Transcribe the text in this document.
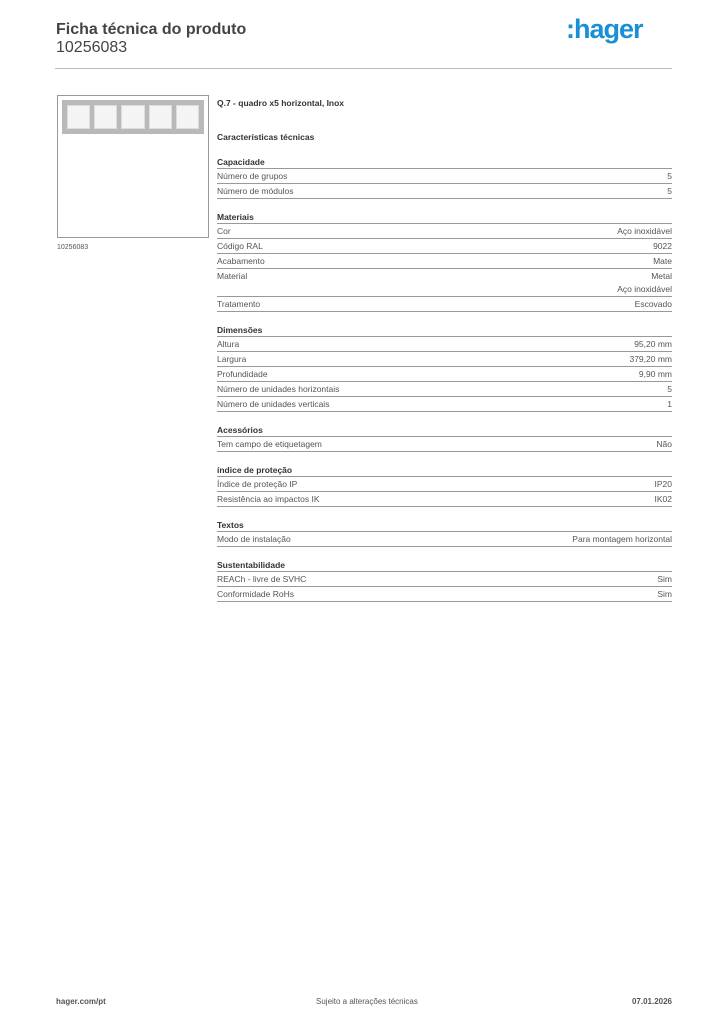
Ficha técnica do produto
10256083
:hager
10256083
Q.7 - quadro x5 horizontal, Inox
Características técnicas
Capacidade
Número de grupos	5
Número de módulos	5
Materiais
Cor	Aço inoxidável
Código RAL	9022
Acabamento	Mate
Material	Metal
Aço inoxidável
Tratamento	Escovado
Dimensões
Altura	95,20 mm
Largura	379,20 mm
Profundidade	9,90 mm
Número de unidades horizontais	5
Número de unidades verticais	1
Acessórios
Tem campo de etiquetagem	Não
índice de proteção
Índice de proteção IP	IP20
Resistência ao impactos IK	IK02
Textos
Modo de instalação	Para montagem horizontal
Sustentabilidade
REACh - livre de SVHC	Sim
Conformidade RoHs	Sim
hager.com/pt	Sujeito a alterações técnicas	07.01.2026
